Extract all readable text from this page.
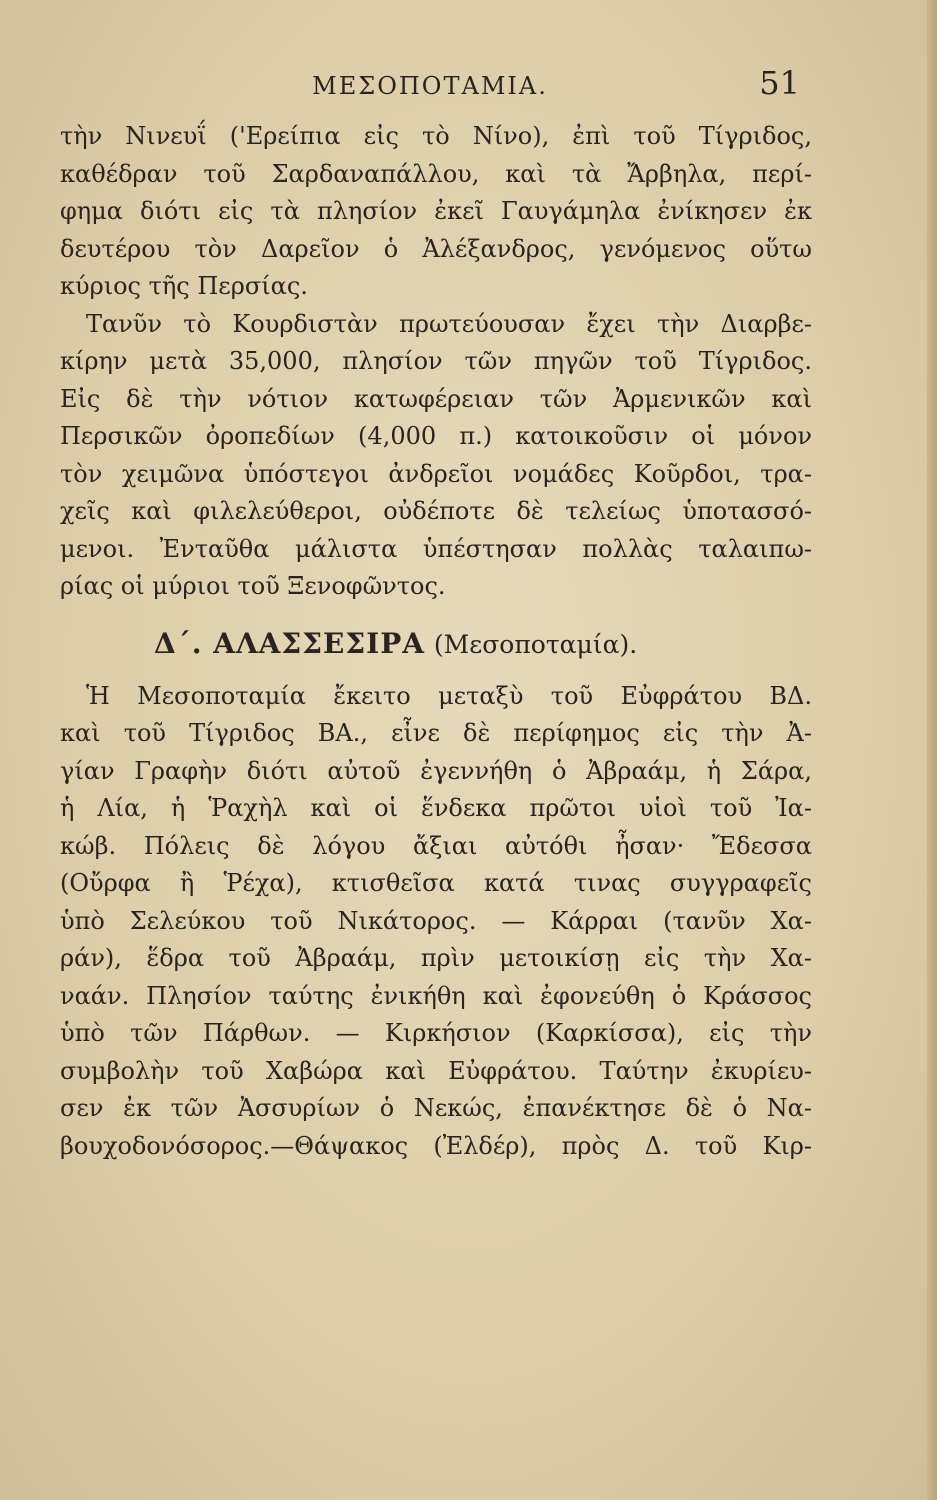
ΜΕΣΟΠΟΤΑΜΙΑ.	51
τὴν Νινευΐ ('Ερείπια εἰς τὸ Νίνο), ἐπὶ τοῦ Τίγριδος,
καθέδραν τοῦ Σαρδαναπάλλου, καὶ τὰ Ἄρβηλα, περί-
φημα διότι εἰς τὰ πλησίον ἐκεῖ Γαυγάμηλα ἐνίκησεν ἐκ
δευτέρου τὸν Δαρεῖον ὁ Ἀλέξανδρος, γενόμενος οὕτω
κύριος τῆς Περσίας.
Τανῦν τὸ Κουρδιστὰν πρωτεύουσαν ἔχει τὴν Διαρβε-
κίρην μετὰ 35,000, πλησίον τῶν πηγῶν τοῦ Τίγριδος.
Εἰς δὲ τὴν νότιον κατωφέρειαν τῶν Ἀρμενικῶν καὶ
Περσικῶν ὀροπεδίων (4,000 π.) κατοικοῦσιν οἱ μόνον
τὸν χειμῶνα ὑπόστεγοι ἀνδρεῖοι νομάδες Κοῦρδοι, τρα-
χεῖς καὶ φιλελεύθεροι, οὐδέποτε δὲ τελείως ὑποτασσό-
μενοι. Ἐνταῦθα μάλιστα ὑπέστησαν πολλὰς ταλαιπω-
ρίας οἱ μύριοι τοῦ Ξενοφῶντος.
Δ΄. ΑΛΑΣΣΕΣΙΡΑ (Μεσοποταμία).
Ἡ Μεσοποταμία ἔκειτο μεταξὺ τοῦ Εὐφράτου ΒΔ.
καὶ τοῦ Τίγριδος ΒΑ., εἶνε δὲ περίφημος εἰς τὴν Ἀ-
γίαν Γραφὴν διότι αὐτοῦ ἐγεννήθη ὁ Ἀβραάμ, ἡ Σάρα,
ἡ Λία, ἡ Ῥαχὴλ καὶ οἱ ἕνδεκα πρῶτοι υἱοὶ τοῦ Ἰα-
κώβ. Πόλεις δὲ λόγου ἄξιαι αὐτόθι ἦσαν· Ἔδεσσα
(Οὔρφα ἢ Ῥέχα), κτισθεῖσα κατά τινας συγγραφεῖς
ὑπὸ Σελεύκου τοῦ Νικάτορος. — Κάρραι (τανῦν Χα-
ράν), ἕδρα τοῦ Ἀβραάμ, πρὶν μετοικίσῃ εἰς τὴν Χα-
ναάν. Πλησίον ταύτης ἐνικήθη καὶ ἐφονεύθη ὁ Κράσσος
ὑπὸ τῶν Πάρθων. — Κιρκήσιον (Καρκίσσα), εἰς τὴν
συμβολὴν τοῦ Χαβώρα καὶ Εὐφράτου. Ταύτην ἐκυρίευ-
σεν ἐκ τῶν Ἀσσυρίων ὁ Νεκώς, ἐπανέκτησε δὲ ὁ Να-
βουχοδονόσορος.—Θάψακος (Ἐλδέρ), πρὸς Δ. τοῦ Κιρ-
